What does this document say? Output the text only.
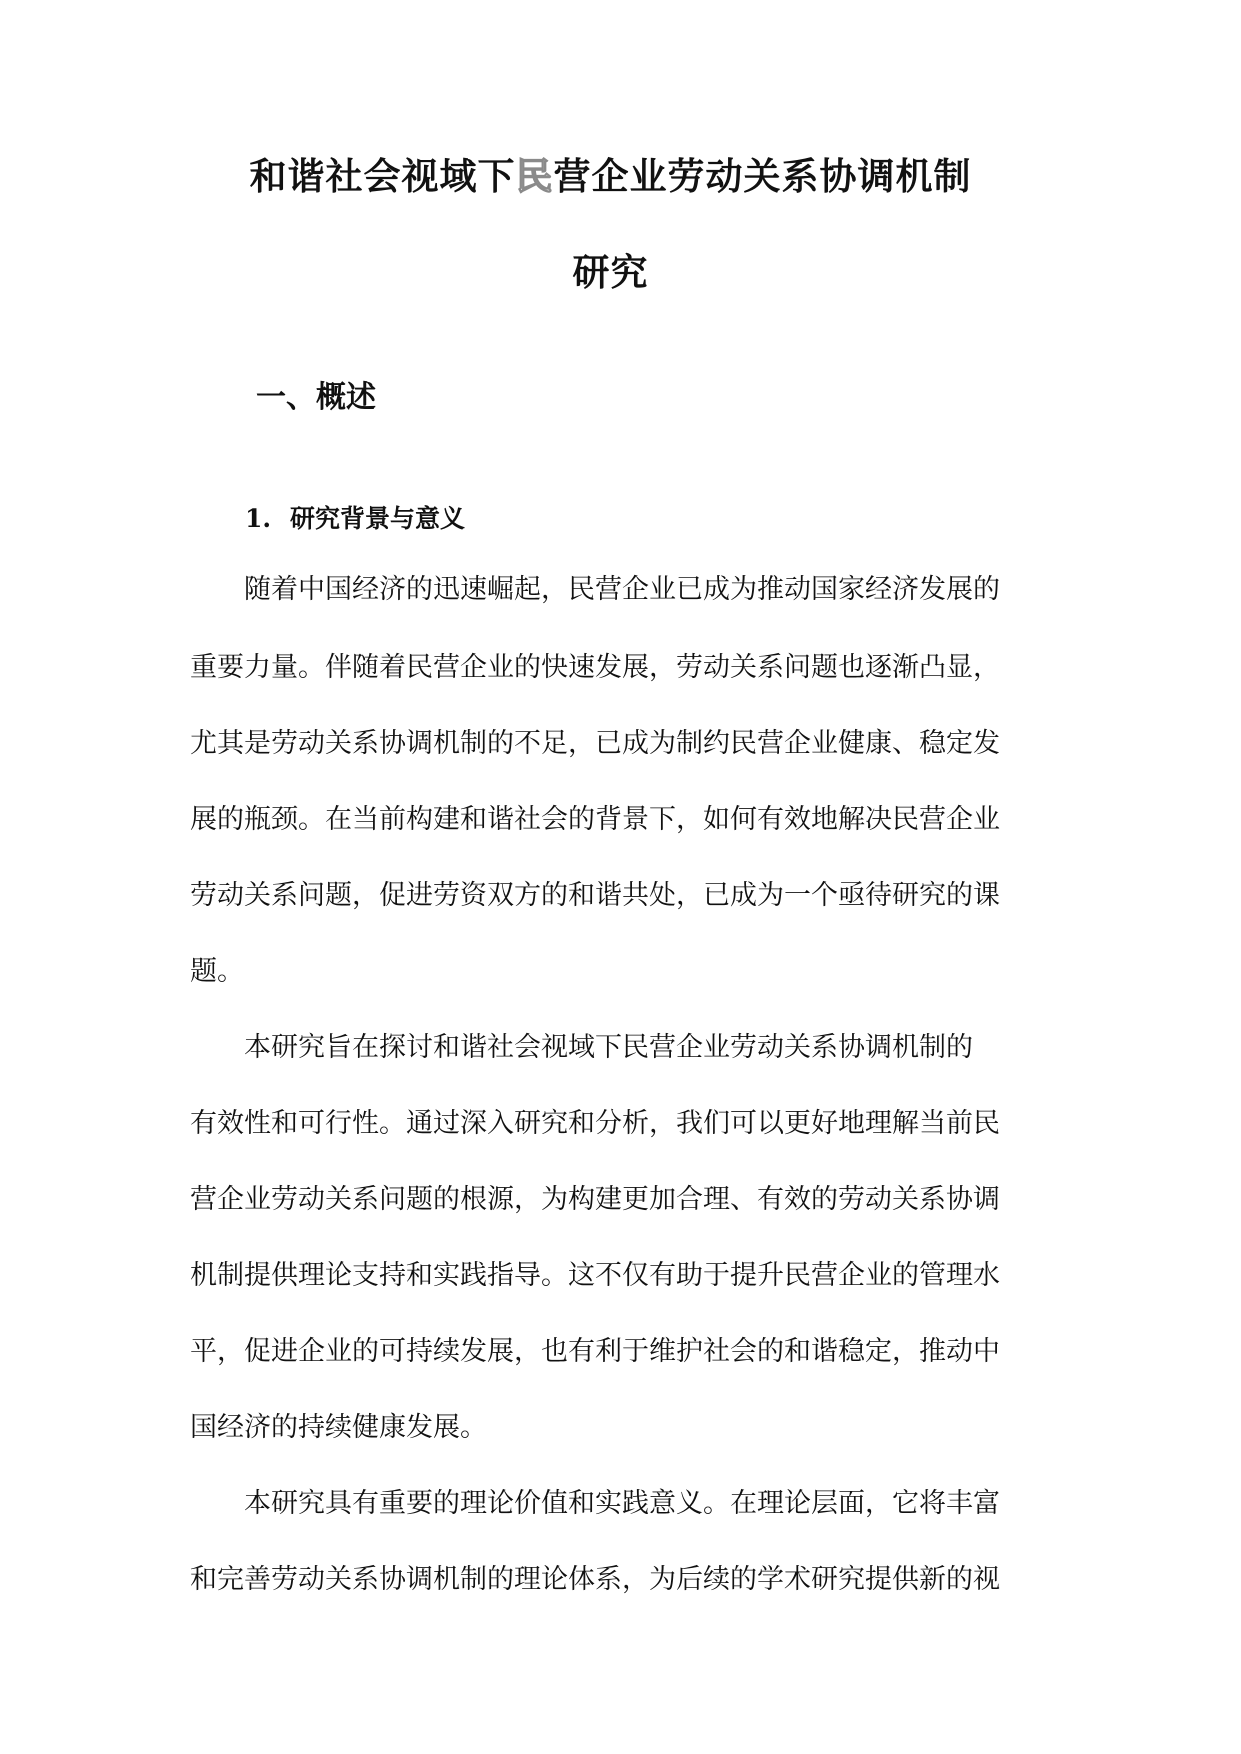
和谐社会视域下民营企业劳动关系协调机制
研究
一、概述
1. 研究背景与意义
随着中国经济的迅速崛起，民营企业已成为推动国家经济发展的
重要力量。伴随着民营企业的快速发展，劳动关系问题也逐渐凸显，
尤其是劳动关系协调机制的不足，已成为制约民营企业健康、稳定发
展的瓶颈。在当前构建和谐社会的背景下，如何有效地解决民营企业
劳动关系问题，促进劳资双方的和谐共处，已成为一个亟待研究的课
题。
本研究旨在探讨和谐社会视域下民营企业劳动关系协调机制的
有效性和可行性。通过深入研究和分析，我们可以更好地理解当前民
营企业劳动关系问题的根源，为构建更加合理、有效的劳动关系协调
机制提供理论支持和实践指导。这不仅有助于提升民营企业的管理水
平，促进企业的可持续发展，也有利于维护社会的和谐稳定，推动中
国经济的持续健康发展。
本研究具有重要的理论价值和实践意义。在理论层面，它将丰富
和完善劳动关系协调机制的理论体系，为后续的学术研究提供新的视
